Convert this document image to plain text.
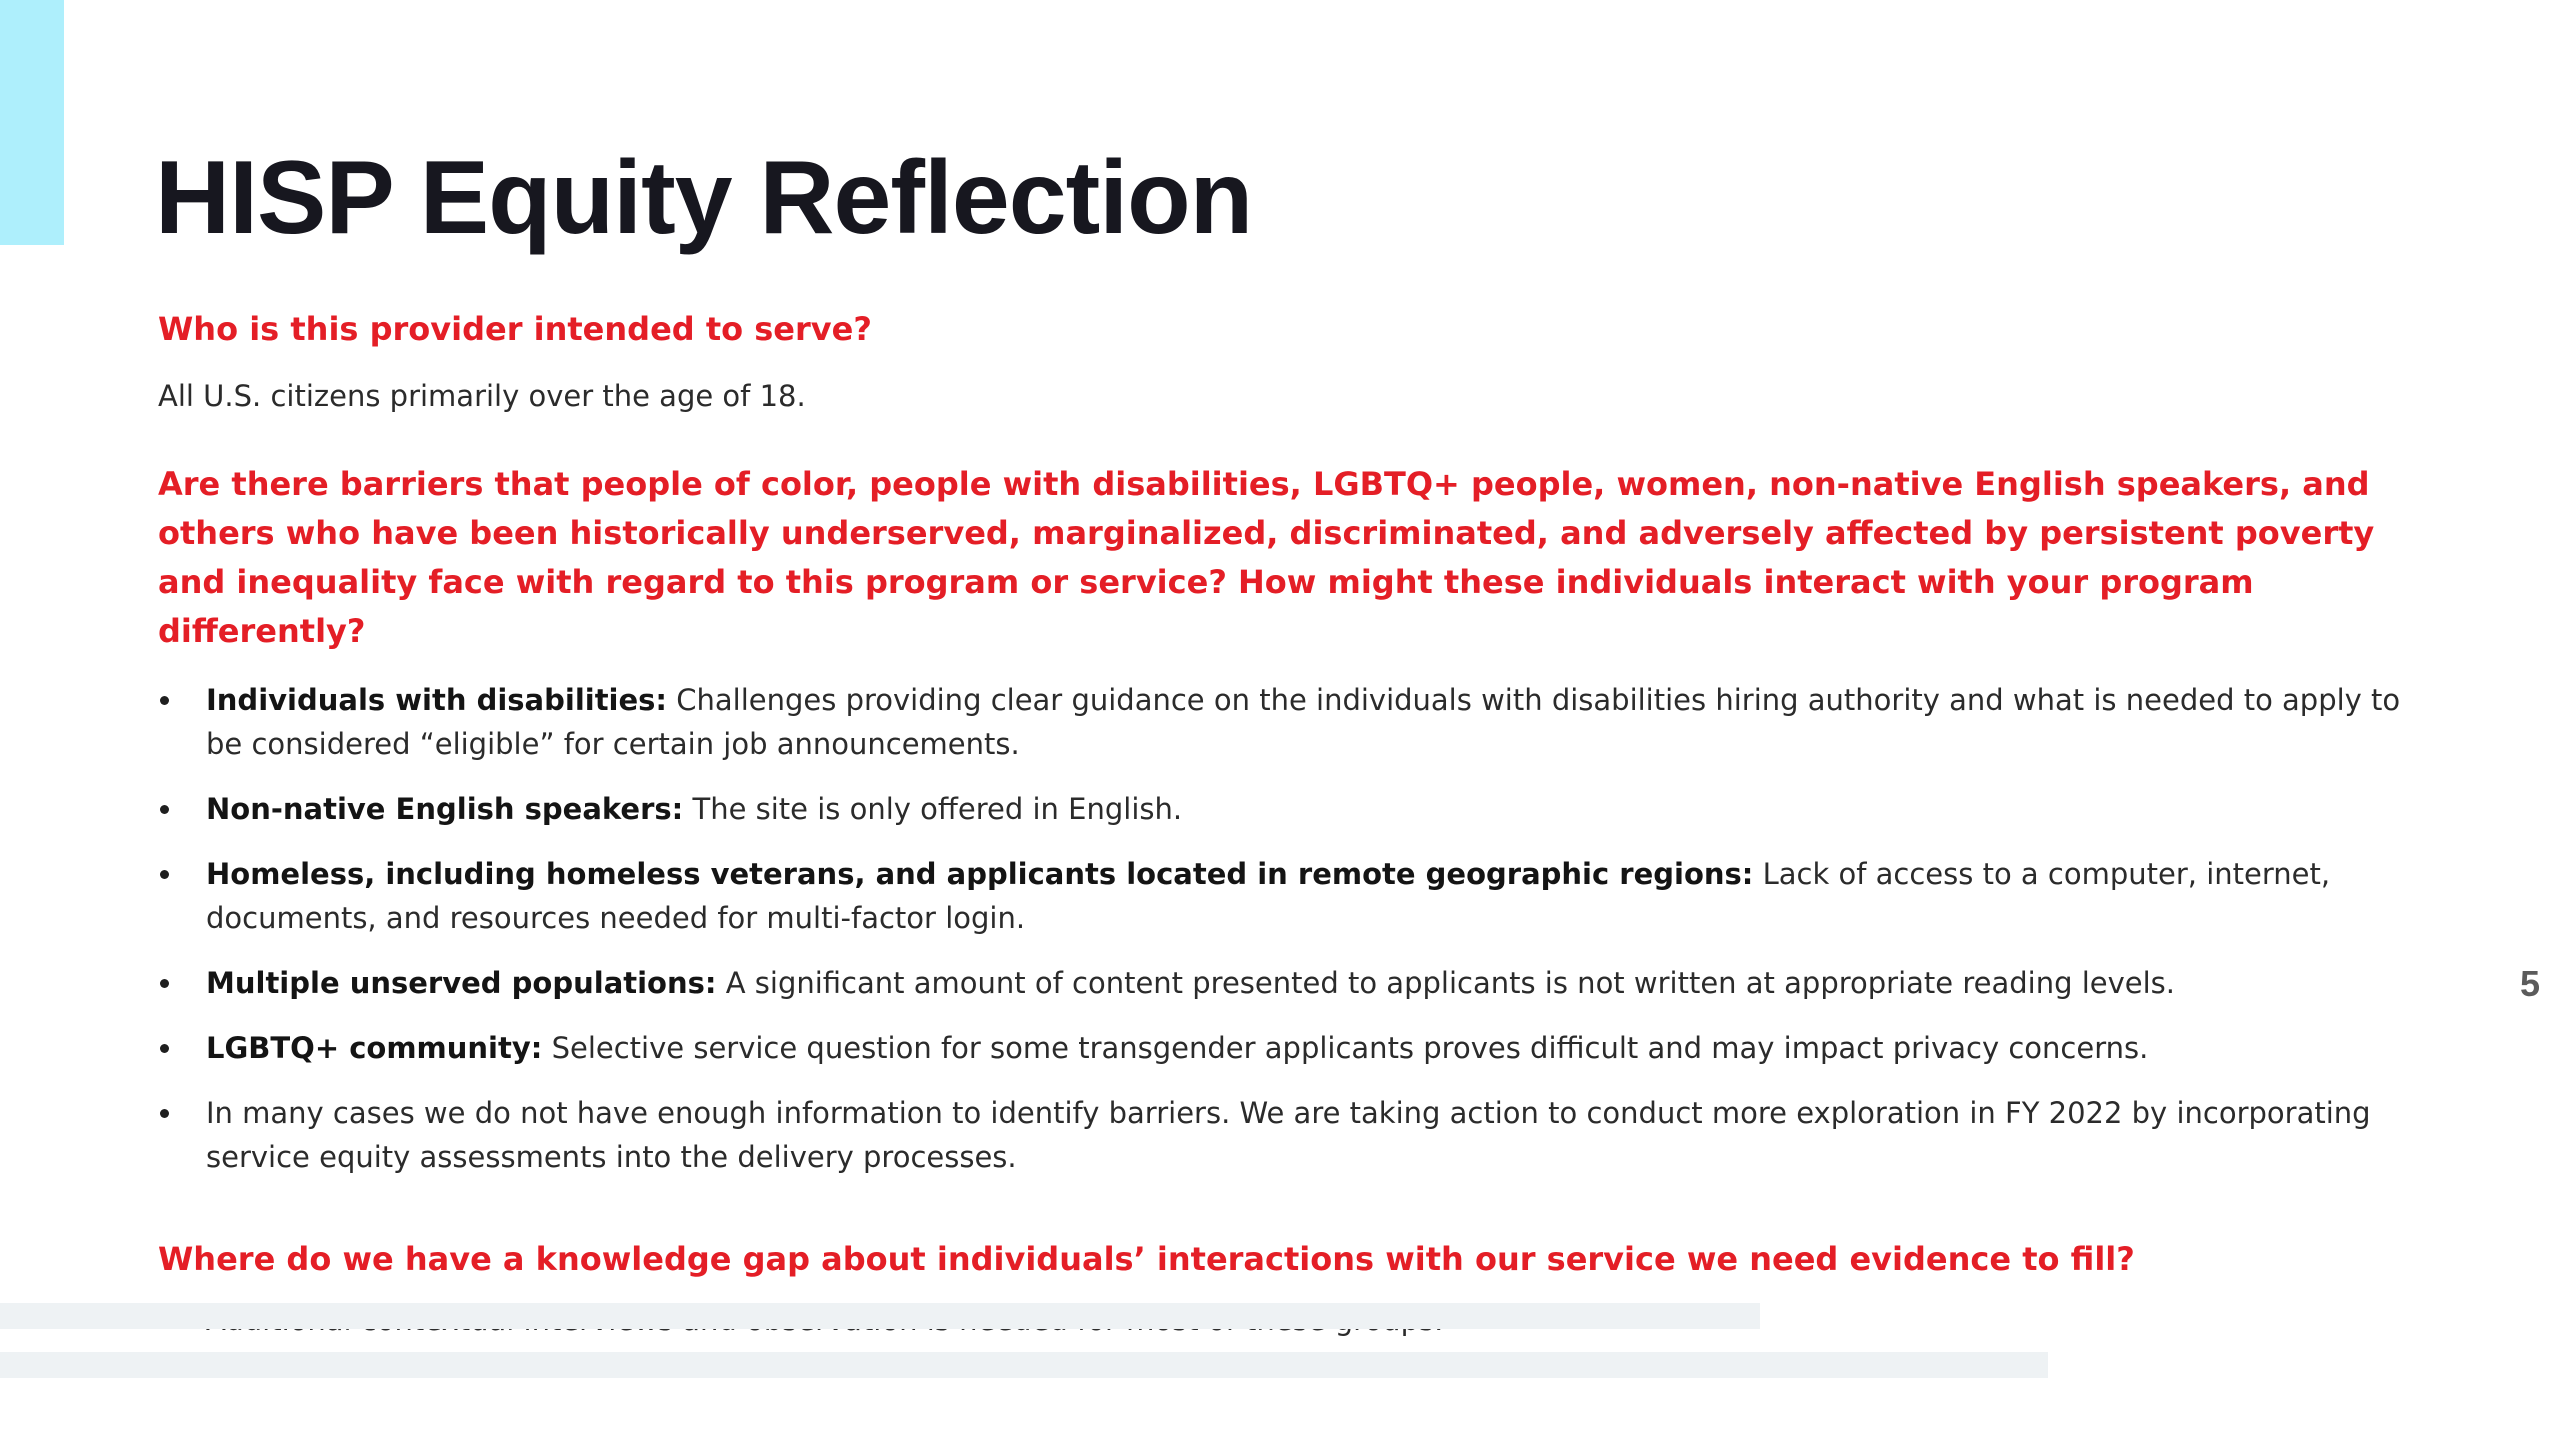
HISP Equity Reflection

Who is this provider intended to serve?

All U.S. citizens primarily over the age of 18.

Are there barriers that people of color, people with disabilities, LGBTQ+ people, women, non-native English speakers, and others who have been historically underserved, marginalized, discriminated, and adversely affected by persistent poverty and inequality face with regard to this program or service? How might these individuals interact with your program differently?

Individuals with disabilities: Challenges providing clear guidance on the individuals with disabilities hiring authority and what is needed to apply to be considered “eligible” for certain job announcements.
Non-native English speakers: The site is only offered in English.
Homeless, including homeless veterans, and applicants located in remote geographic regions: Lack of access to a computer, internet, documents, and resources needed for multi-factor login.
Multiple unserved populations: A significant amount of content presented to applicants is not written at appropriate reading levels.
LGBTQ+ community: Selective service question for some transgender applicants proves difficult and may impact privacy concerns.
In many cases we do not have enough information to identify barriers. We are taking action to conduct more exploration in FY 2022 by incorporating service equity assessments into the delivery processes.

Where do we have a knowledge gap about individuals’ interactions with our service we need evidence to fill?

5
